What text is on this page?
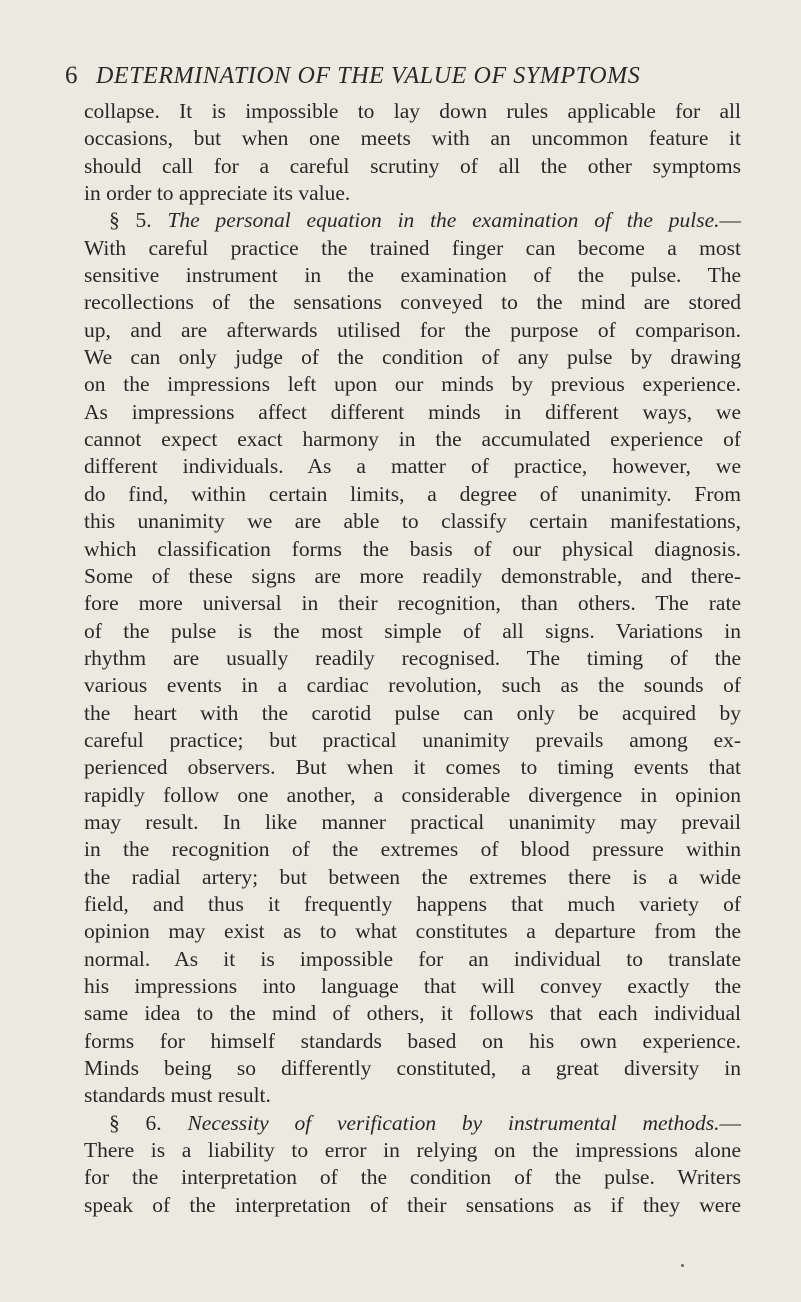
6 DETERMINATION OF THE VALUE OF SYMPTOMS
collapse. It is impossible to lay down rules applicable for all
occasions, but when one meets with an uncommon feature it
should call for a careful scrutiny of all the other symptoms
in order to appreciate its value.
§ 5. The personal equation in the examination of the pulse.—
With careful practice the trained finger can become a most
sensitive instrument in the examination of the pulse. The
recollections of the sensations conveyed to the mind are stored
up, and are afterwards utilised for the purpose of comparison.
We can only judge of the condition of any pulse by drawing
on the impressions left upon our minds by previous experience.
As impressions affect different minds in different ways, we
cannot expect exact harmony in the accumulated experience of
different individuals. As a matter of practice, however, we
do find, within certain limits, a degree of unanimity. From
this unanimity we are able to classify certain manifestations,
which classification forms the basis of our physical diagnosis.
Some of these signs are more readily demonstrable, and there-
fore more universal in their recognition, than others. The rate
of the pulse is the most simple of all signs. Variations in
rhythm are usually readily recognised. The timing of the
various events in a cardiac revolution, such as the sounds of
the heart with the carotid pulse can only be acquired by
careful practice; but practical unanimity prevails among ex-
perienced observers. But when it comes to timing events that
rapidly follow one another, a considerable divergence in opinion
may result. In like manner practical unanimity may prevail
in the recognition of the extremes of blood pressure within
the radial artery; but between the extremes there is a wide
field, and thus it frequently happens that much variety of
opinion may exist as to what constitutes a departure from the
normal. As it is impossible for an individual to translate
his impressions into language that will convey exactly the
same idea to the mind of others, it follows that each individual
forms for himself standards based on his own experience.
Minds being so differently constituted, a great diversity in
standards must result.
§ 6. Necessity of verification by instrumental methods.—
There is a liability to error in relying on the impressions alone
for the interpretation of the condition of the pulse. Writers
speak of the interpretation of their sensations as if they were
